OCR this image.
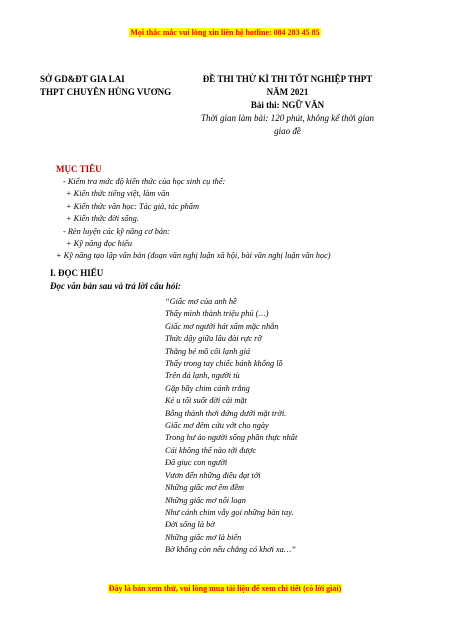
Mọi thắc mắc vui lòng xin liên hệ hotline: 084 283 45 85
SỞ GD&ĐT GIA LAI
THPT CHUYÊN HÙNG VƯƠNG
ĐỀ THI THỬ KÌ THI TỐT NGHIỆP THPT
NĂM 2021
Bài thi: NGỮ VĂN
Thời gian làm bài: 120 phút, không kể thời gian
giao đề
MỤC TIÊU
- Kiểm tra mức độ kiến thức của học sinh cụ thể:
+ Kiến thức tiếng việt, làm văn
+ Kiến thức văn học: Tác giả, tác phẩm
+ Kiến thức đời sống.
- Rèn luyện các kỹ năng cơ bản:
+ Kỹ năng đọc hiểu
+ Kỹ năng tạo lập văn bản (đoạn văn nghị luận xã hội, bài văn nghị luận văn học)
I. ĐỌC HIỂU
Đọc văn bản sau và trả lời câu hỏi:
“Giấc mơ của anh hề
Thấy mình thành triệu phú (…)
Giấc mơ người hát xẩm mặc nhẵn
Thức dậy giữa lâu đài rực rỡ
Thằng bé mồ côi lạnh giá
Thấy trong tay chiếc bánh khổng lồ
Trên đá lạnh, người tù
Gặp bầy chim cánh trắng
Kẻ u tối suốt đời cái mặt
Bỗng thành thơi đứng dưới mặt trời.
Giấc mơ đêm cứu vớt cho ngày
Trong hư ảo người sống phần thực nhất
Cái không thể nào tới được
Đã giục con người
Vươn đến những điều đạt tới
Những giấc mơ êm đềm
Những giấc mơ nổi loạn
Như cánh chim vẫy gọi những bàn tay.
Đời sống là bờ
Những giấc mơ là biển
Bờ không còn nếu chẳng có khơi xa…”
Đây là bản xem thử, vui lòng mua tài liệu để xem chi tiết (có lời giải)
